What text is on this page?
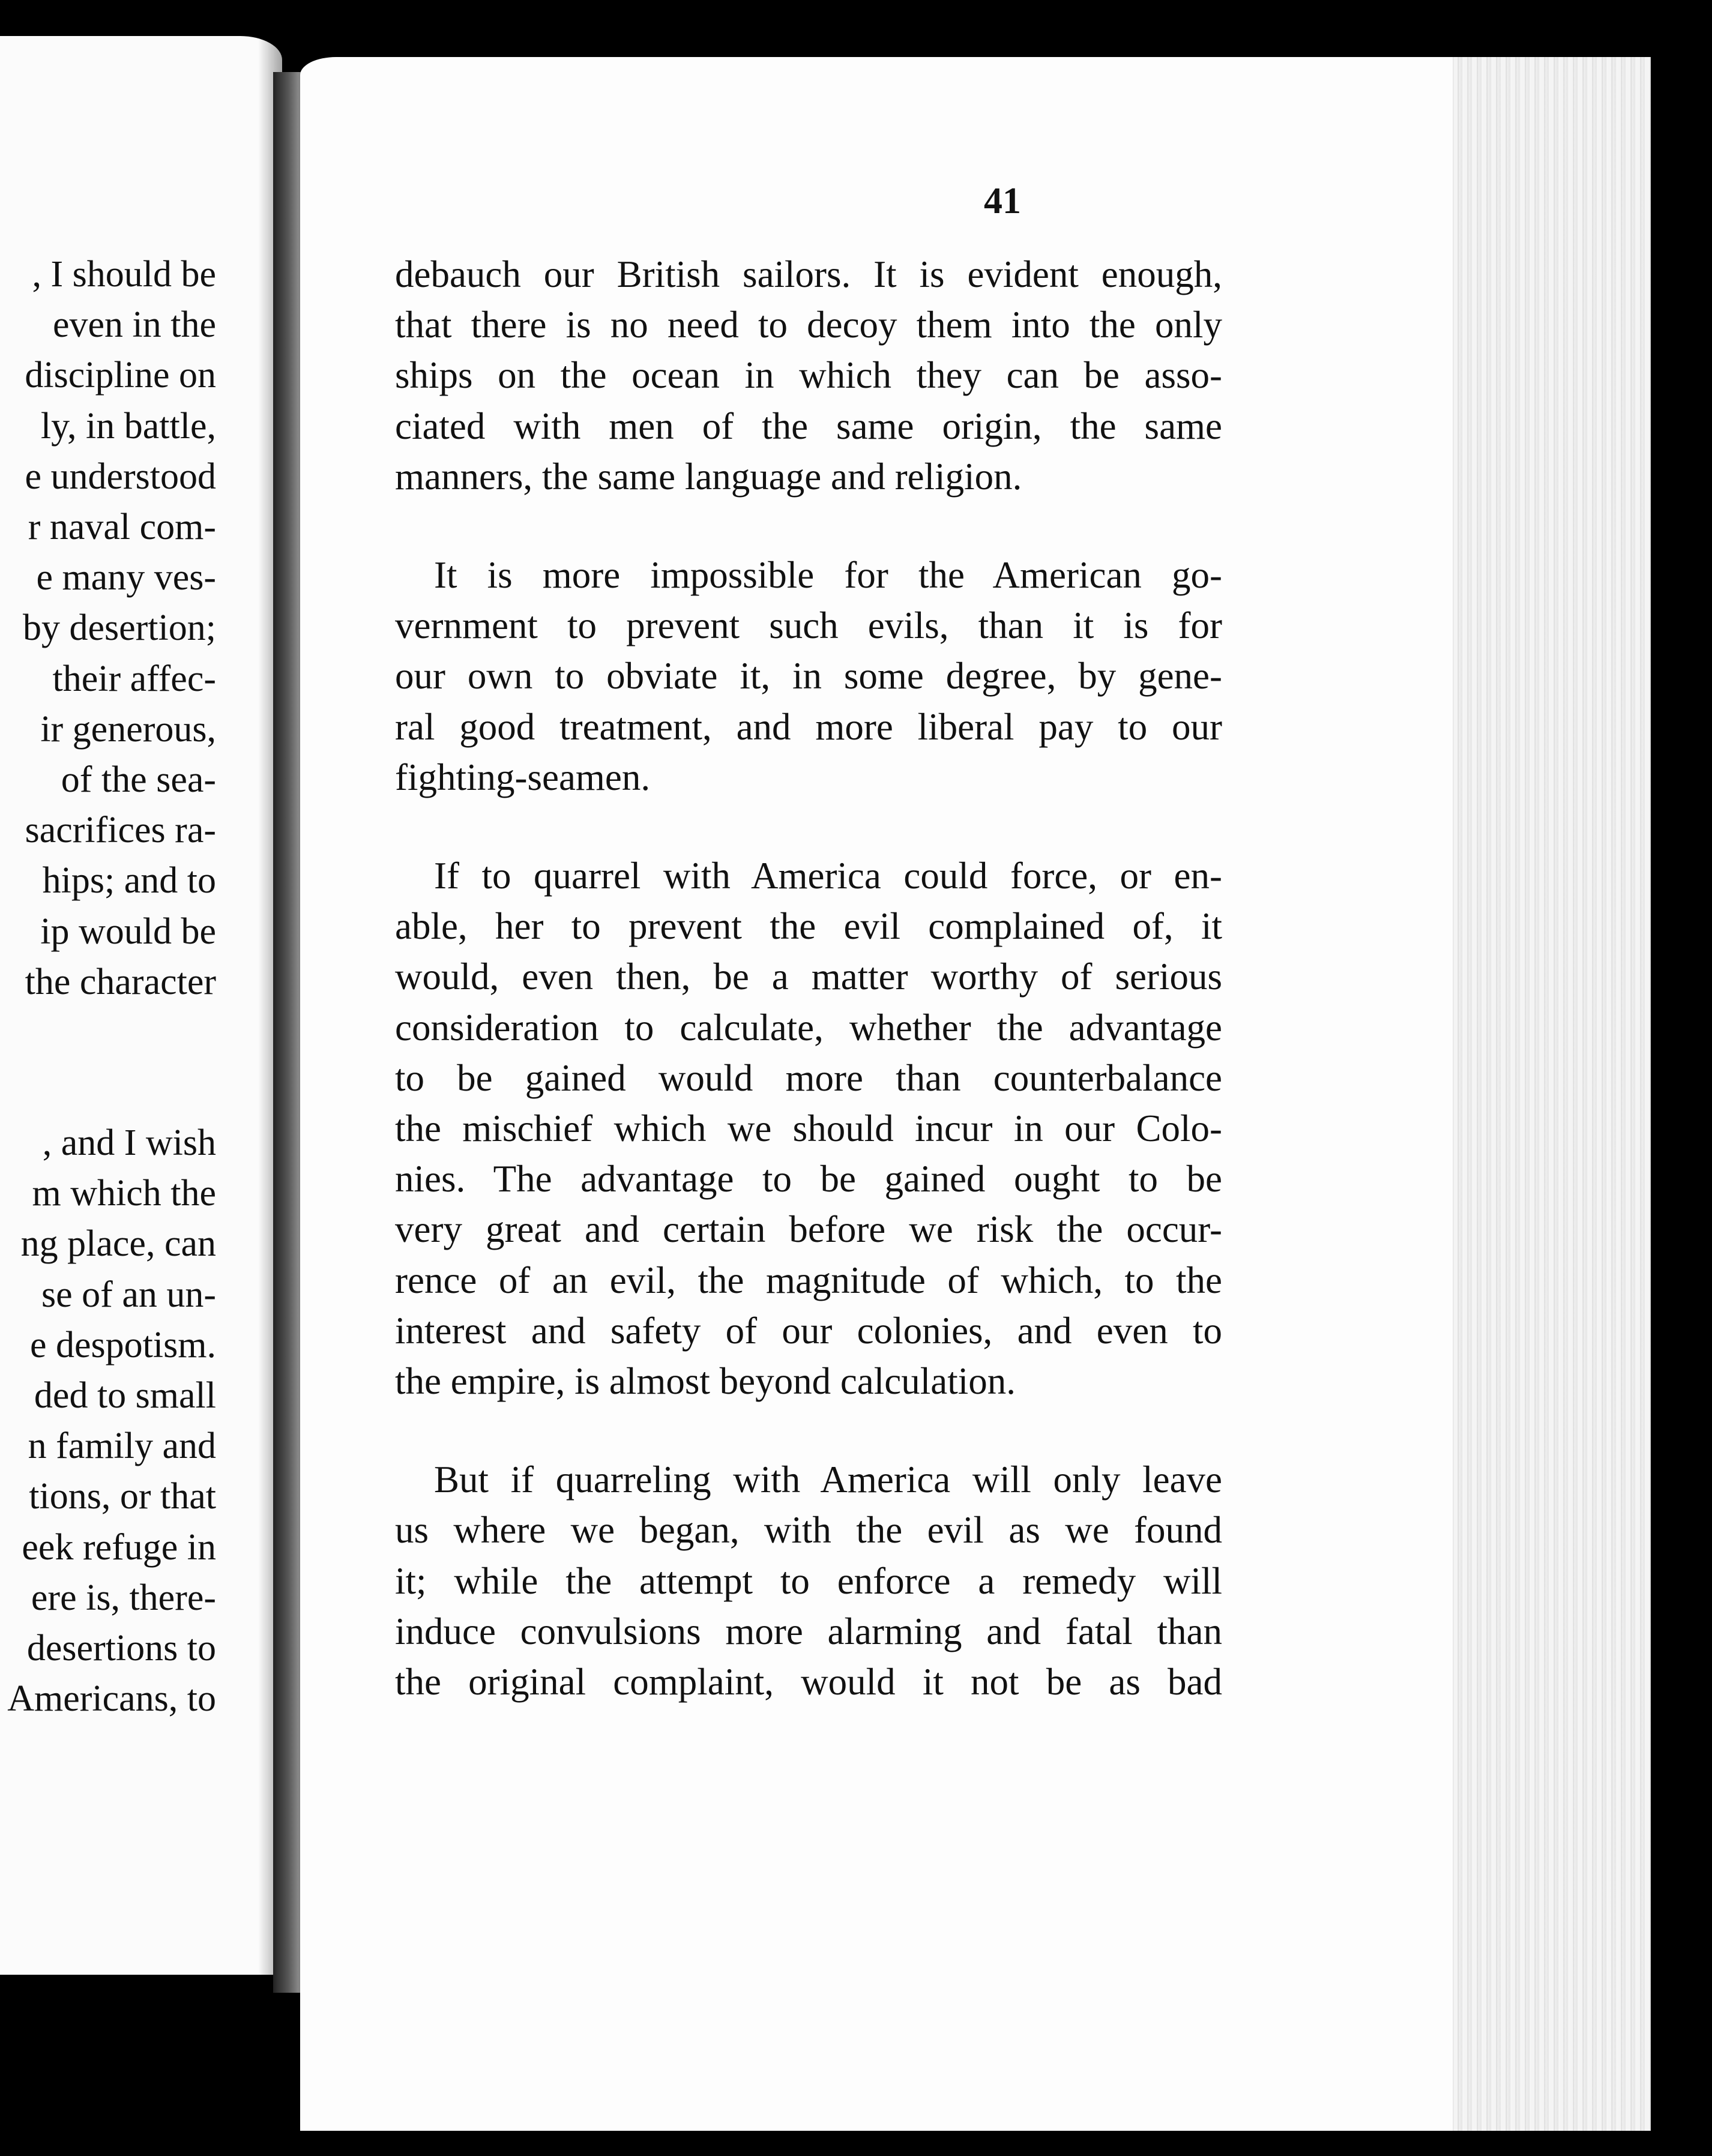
, I should be
even in the
discipline on
ly, in battle,
e understood
r naval com-
e many ves-
by desertion;
their affec-
ir generous,
of the sea-
sacrifices ra-
hips; and to
ip would be
the character
, and I wish
m which the
ng place, can
se of an un-
e despotism.
ded to small
n family and
tions, or that
eek refuge in
ere is, there-
desertions to
Americans, to
41

debauch our British sailors. It is evident enough,
that there is no need to decoy them into the only
ships on the ocean in which they can be asso-
ciated with men of the same origin, the same
manners, the same language and religion.

It is more impossible for the American go-
vernment to prevent such evils, than it is for
our own to obviate it, in some degree, by gene-
ral good treatment, and more liberal pay to our
fighting-seamen.

If to quarrel with America could force, or en-
able, her to prevent the evil complained of, it
would, even then, be a matter worthy of serious
consideration to calculate, whether the advantage
to be gained would more than counterbalance
the mischief which we should incur in our Colo-
nies. The advantage to be gained ought to be
very great and certain before we risk the occur-
rence of an evil, the magnitude of which, to the
interest and safety of our colonies, and even to
the empire, is almost beyond calculation.

But if quarreling with America will only leave
us where we began, with the evil as we found
it; while the attempt to enforce a remedy will
induce convulsions more alarming and fatal than
the original complaint, would it not be as bad
